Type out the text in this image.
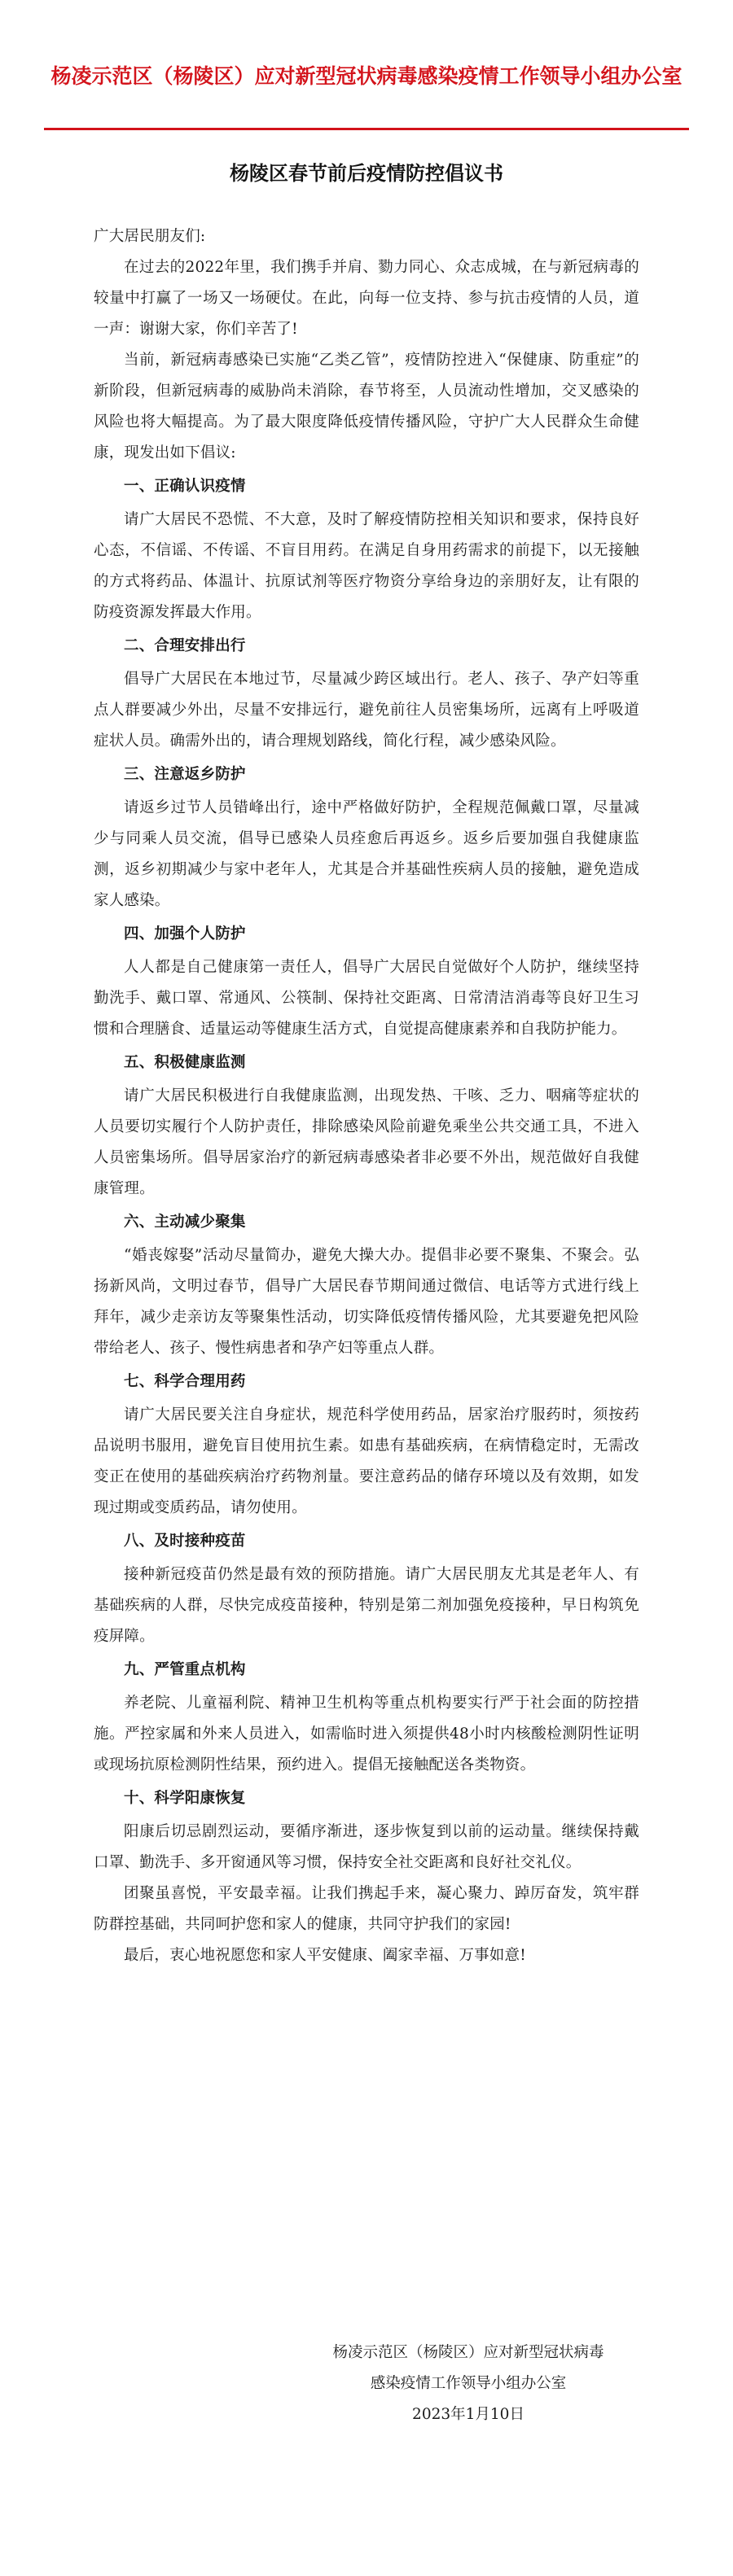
杨凌示范区（杨陵区）应对新型冠状病毒感染疫情工作领导小组办公室
杨陵区春节前后疫情防控倡议书

广大居民朋友们:

在过去的2022年里，我们携手并肩、勠力同心、众志成城，在与新冠病毒的较量中打赢了一场又一场硬仗。在此，向每一位支持、参与抗击疫情的人员，道一声：谢谢大家，你们辛苦了!

当前，新冠病毒感染已实施“乙类乙管”，疫情防控进入“保健康、防重症”的新阶段，但新冠病毒的威胁尚未消除，春节将至，人员流动性增加，交叉感染的风险也将大幅提高。为了最大限度降低疫情传播风险，守护广大人民群众生命健康，现发出如下倡议:

一、正确认识疫情

请广大居民不恐慌、不大意，及时了解疫情防控相关知识和要求，保持良好心态，不信谣、不传谣、不盲目用药。在满足自身用药需求的前提下，以无接触的方式将药品、体温计、抗原试剂等医疗物资分享给身边的亲朋好友，让有限的防疫资源发挥最大作用。

二、合理安排出行

倡导广大居民在本地过节，尽量减少跨区域出行。老人、孩子、孕产妇等重点人群要减少外出，尽量不安排远行，避免前往人员密集场所，远离有上呼吸道症状人员。确需外出的，请合理规划路线，简化行程，减少感染风险。

三、注意返乡防护

请返乡过节人员错峰出行，途中严格做好防护，全程规范佩戴口罩，尽量减少与同乘人员交流，倡导已感染人员痊愈后再返乡。返乡后要加强自我健康监测，返乡初期减少与家中老年人，尤其是合并基础性疾病人员的接触，避免造成家人感染。

四、加强个人防护

人人都是自己健康第一责任人，倡导广大居民自觉做好个人防护，继续坚持勤洗手、戴口罩、常通风、公筷制、保持社交距离、日常清洁消毒等良好卫生习惯和合理膳食、适量运动等健康生活方式，自觉提高健康素养和自我防护能力。

五、积极健康监测

请广大居民积极进行自我健康监测，出现发热、干咳、乏力、咽痛等症状的人员要切实履行个人防护责任，排除感染风险前避免乘坐公共交通工具，不进入人员密集场所。倡导居家治疗的新冠病毒感染者非必要不外出，规范做好自我健康管理。

六、主动减少聚集

“婚丧嫁娶”活动尽量简办，避免大操大办。提倡非必要不聚集、不聚会。弘扬新风尚，文明过春节，倡导广大居民春节期间通过微信、电话等方式进行线上拜年，减少走亲访友等聚集性活动，切实降低疫情传播风险，尤其要避免把风险带给老人、孩子、慢性病患者和孕产妇等重点人群。

七、科学合理用药

请广大居民要关注自身症状，规范科学使用药品，居家治疗服药时，须按药品说明书服用，避免盲目使用抗生素。如患有基础疾病，在病情稳定时，无需改变正在使用的基础疾病治疗药物剂量。要注意药品的储存环境以及有效期，如发现过期或变质药品，请勿使用。

八、及时接种疫苗

接种新冠疫苗仍然是最有效的预防措施。请广大居民朋友尤其是老年人、有基础疾病的人群，尽快完成疫苗接种，特别是第二剂加强免疫接种，早日构筑免疫屏障。

九、严管重点机构

养老院、儿童福利院、精神卫生机构等重点机构要实行严于社会面的防控措施。严控家属和外来人员进入，如需临时进入须提供48小时内核酸检测阴性证明或现场抗原检测阴性结果，预约进入。提倡无接触配送各类物资。

十、科学阳康恢复

阳康后切忌剧烈运动，要循序渐进，逐步恢复到以前的运动量。继续保持戴口罩、勤洗手、多开窗通风等习惯，保持安全社交距离和良好社交礼仪。

团聚虽喜悦，平安最幸福。让我们携起手来，凝心聚力、踔厉奋发，筑牢群防群控基础，共同呵护您和家人的健康，共同守护我们的家园!

最后，衷心地祝愿您和家人平安健康、阖家幸福、万事如意!

杨凌示范区（杨陵区）应对新型冠状病毒
感染疫情工作领导小组办公室
2023年1月10日
